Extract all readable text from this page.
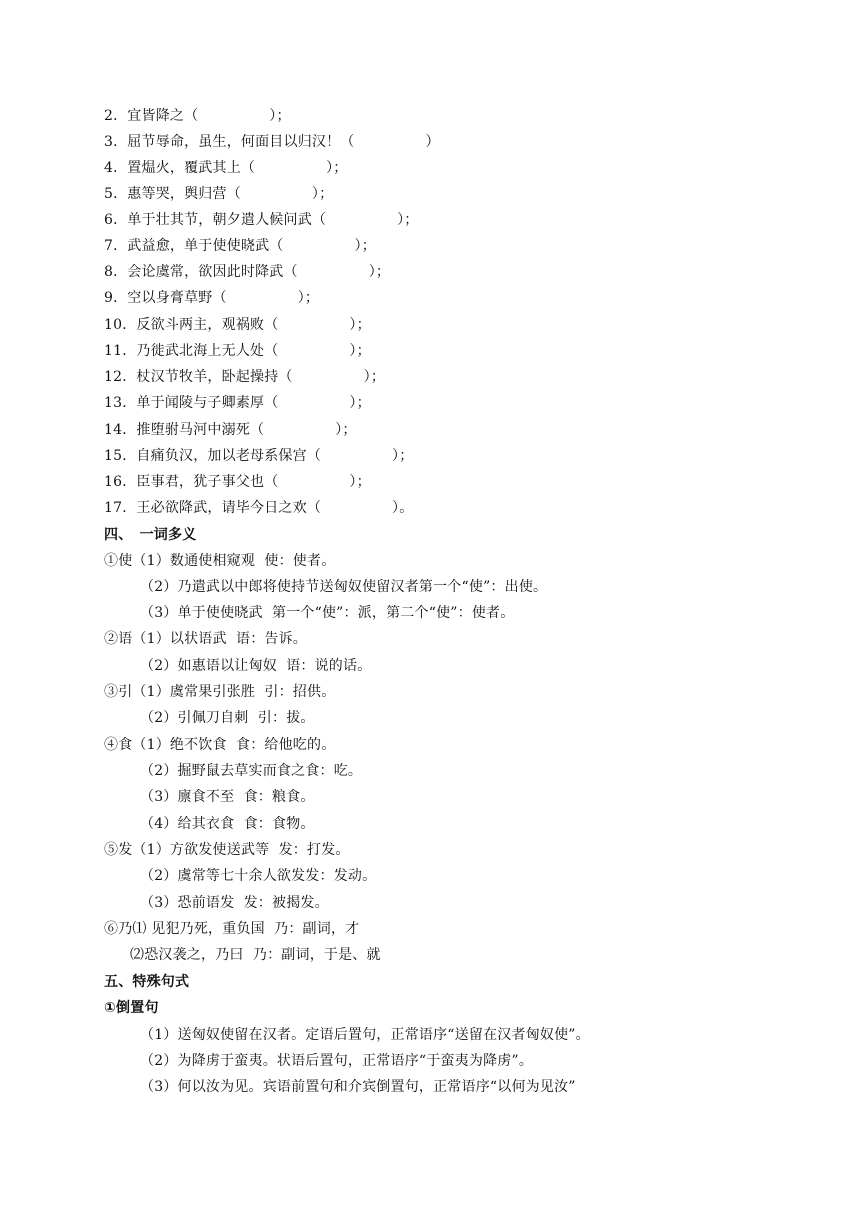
2．宜皆降之（　　　　　）；
3．屈节辱命，虽生，何面目以归汉！（　　　　　）
4．置煴火，覆武其上（　　　　　）；
5．惠等哭，舆归营（　　　　　）；
6．单于壮其节，朝夕遣人候问武（　　　　　）；
7．武益愈，单于使使晓武（　　　　　）；
8．会论虞常，欲因此时降武（　　　　　）；
9．空以身膏草野（　　　　　）；
10．反欲斗两主，观祸败（　　　　　）；
11．乃徙武北海上无人处（　　　　　）；
12．杖汉节牧羊，卧起操持（　　　　　）；
13．单于闻陵与子卿素厚（　　　　　）；
14．推堕驸马河中溺死（　　　　　）；
15．自痛负汉，加以老母系保宫（　　　　　）；
16．臣事君，犹子事父也（　　　　　）；
17．王必欲降武，请毕今日之欢（　　　　　）。
四、　一词多义
①使（1）数通使相窥观  使：使者。
（2）乃遣武以中郎将使持节送匈奴使留汉者第一个“使”：出使。
（3）单于使使晓武  第一个“使”：派，第二个“使”：使者。
②语（1）以状语武  语：告诉。
（2）如惠语以让匈奴  语：说的话。
③引（1）虞常果引张胜  引：招供。
（2）引佩刀自刺  引：拔。
④食（1）绝不饮食  食：给他吃的。
（2）掘野鼠去草实而食之食：吃。
（3）廪食不至  食：粮食。
（4）给其衣食  食：食物。
⑤发（1）方欲发使送武等  发：打发。
（2）虞常等七十余人欲发发：发动。
（3）恐前语发  发：被揭发。
⑥乃⑴ 见犯乃死，重负国  乃：副词，才
⑵恐汉袭之，乃曰  乃：副词，于是、就
五、特殊句式
①倒置句
（1）送匈奴使留在汉者。定语后置句，正常语序“送留在汉者匈奴使”。
（2）为降虏于蛮夷。状语后置句，正常语序“于蛮夷为降虏”。
（3）何以汝为见。宾语前置句和介宾倒置句，正常语序“以何为见汝”
